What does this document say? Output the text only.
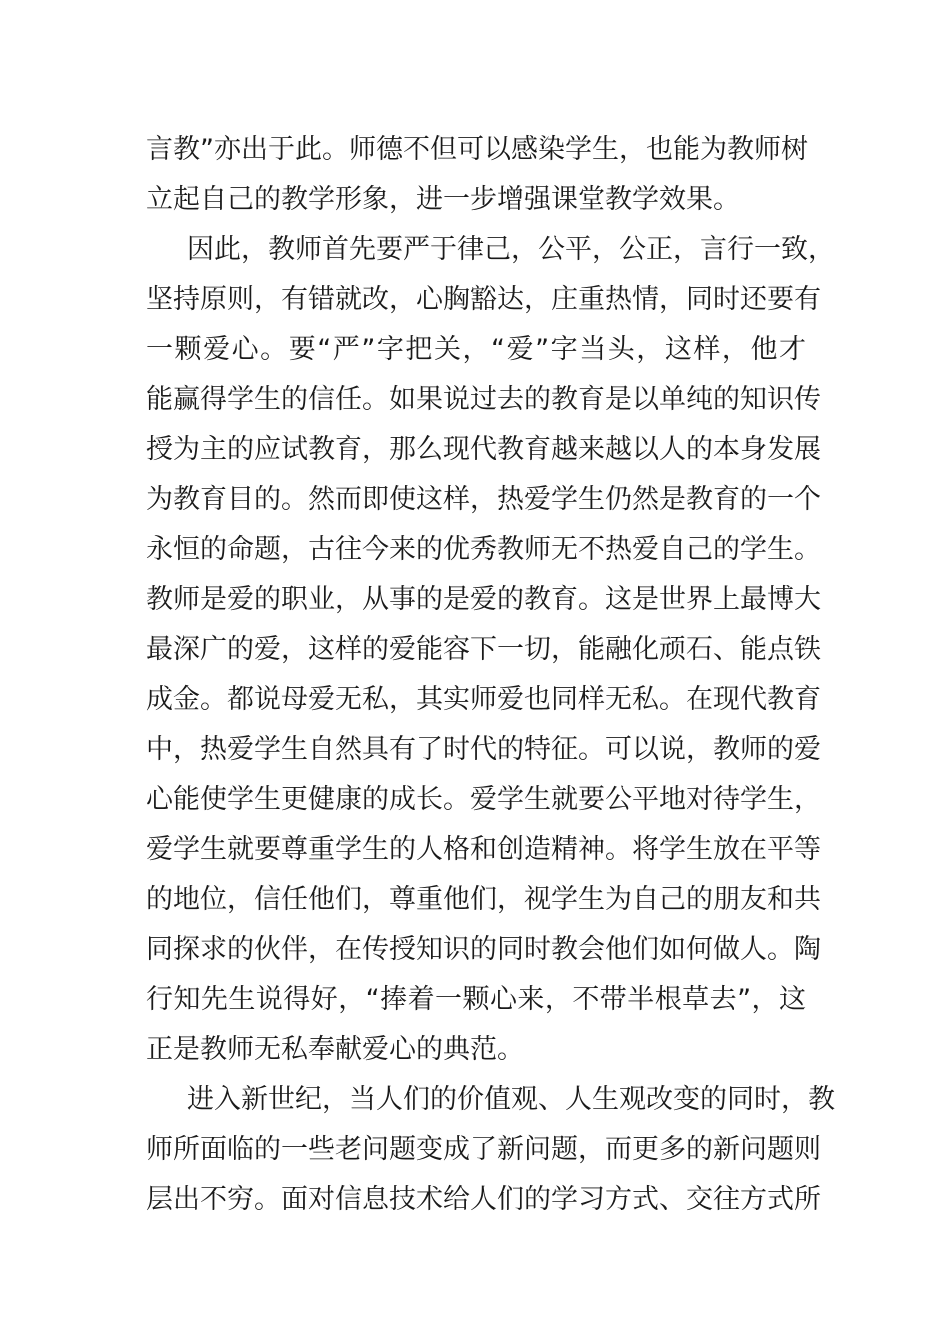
言教”亦出于此。师德不但可以感染学生，也能为教师树
立起自己的教学形象，进一步增强课堂教学效果。
因此，教师首先要严于律己，公平，公正，言行一致，
坚持原则，有错就改，心胸豁达，庄重热情，同时还要有
一颗爱心。要“严”字把关，“爱”字当头，这样，他才
能赢得学生的信任。如果说过去的教育是以单纯的知识传
授为主的应试教育，那么现代教育越来越以人的本身发展
为教育目的。然而即使这样，热爱学生仍然是教育的一个
永恒的命题，古往今来的优秀教师无不热爱自己的学生。
教师是爱的职业，从事的是爱的教育。这是世界上最博大
最深广的爱，这样的爱能容下一切，能融化顽石、能点铁
成金。都说母爱无私，其实师爱也同样无私。在现代教育
中，热爱学生自然具有了时代的特征。可以说，教师的爱
心能使学生更健康的成长。爱学生就要公平地对待学生，
爱学生就要尊重学生的人格和创造精神。将学生放在平等
的地位，信任他们，尊重他们，视学生为自己的朋友和共
同探求的伙伴，在传授知识的同时教会他们如何做人。陶
行知先生说得好，“捧着一颗心来，不带半根草去”，这
正是教师无私奉献爱心的典范。
进入新世纪，当人们的价值观、人生观改变的同时，教
师所面临的一些老问题变成了新问题，而更多的新问题则
层出不穷。面对信息技术给人们的学习方式、交往方式所
